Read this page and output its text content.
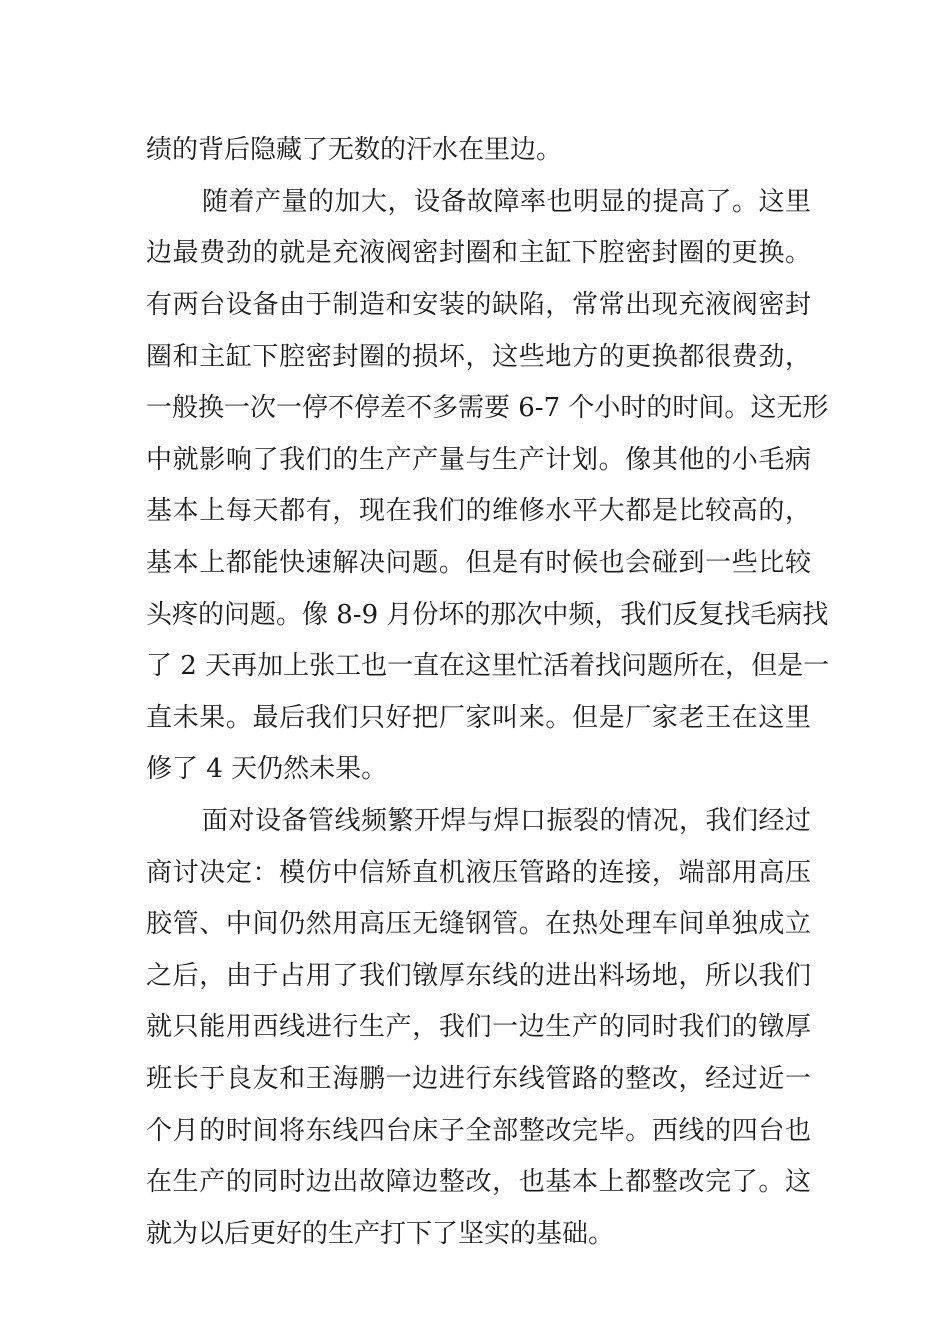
绩的背后隐藏了无数的汗水在里边。
随着产量的加大，设备故障率也明显的提高了。这里
边最费劲的就是充液阀密封圈和主缸下腔密封圈的更换。
有两台设备由于制造和安装的缺陷，常常出现充液阀密封
圈和主缸下腔密封圈的损坏，这些地方的更换都很费劲，
一般换一次一停不停差不多需要 6-7 个小时的时间。这无形
中就影响了我们的生产产量与生产计划。像其他的小毛病
基本上每天都有，现在我们的维修水平大都是比较高的，
基本上都能快速解决问题。但是有时候也会碰到一些比较
头疼的问题。像 8-9 月份坏的那次中频，我们反复找毛病找
了 2 天再加上张工也一直在这里忙活着找问题所在，但是一
直未果。最后我们只好把厂家叫来。但是厂家老王在这里
修了 4 天仍然未果。
面对设备管线频繁开焊与焊口振裂的情况，我们经过
商讨决定：模仿中信矫直机液压管路的连接，端部用高压
胶管、中间仍然用高压无缝钢管。在热处理车间单独成立
之后，由于占用了我们镦厚东线的进出料场地，所以我们
就只能用西线进行生产，我们一边生产的同时我们的镦厚
班长于良友和王海鹏一边进行东线管路的整改，经过近一
个月的时间将东线四台床子全部整改完毕。西线的四台也
在生产的同时边出故障边整改，也基本上都整改完了。这
就为以后更好的生产打下了坚实的基础。
